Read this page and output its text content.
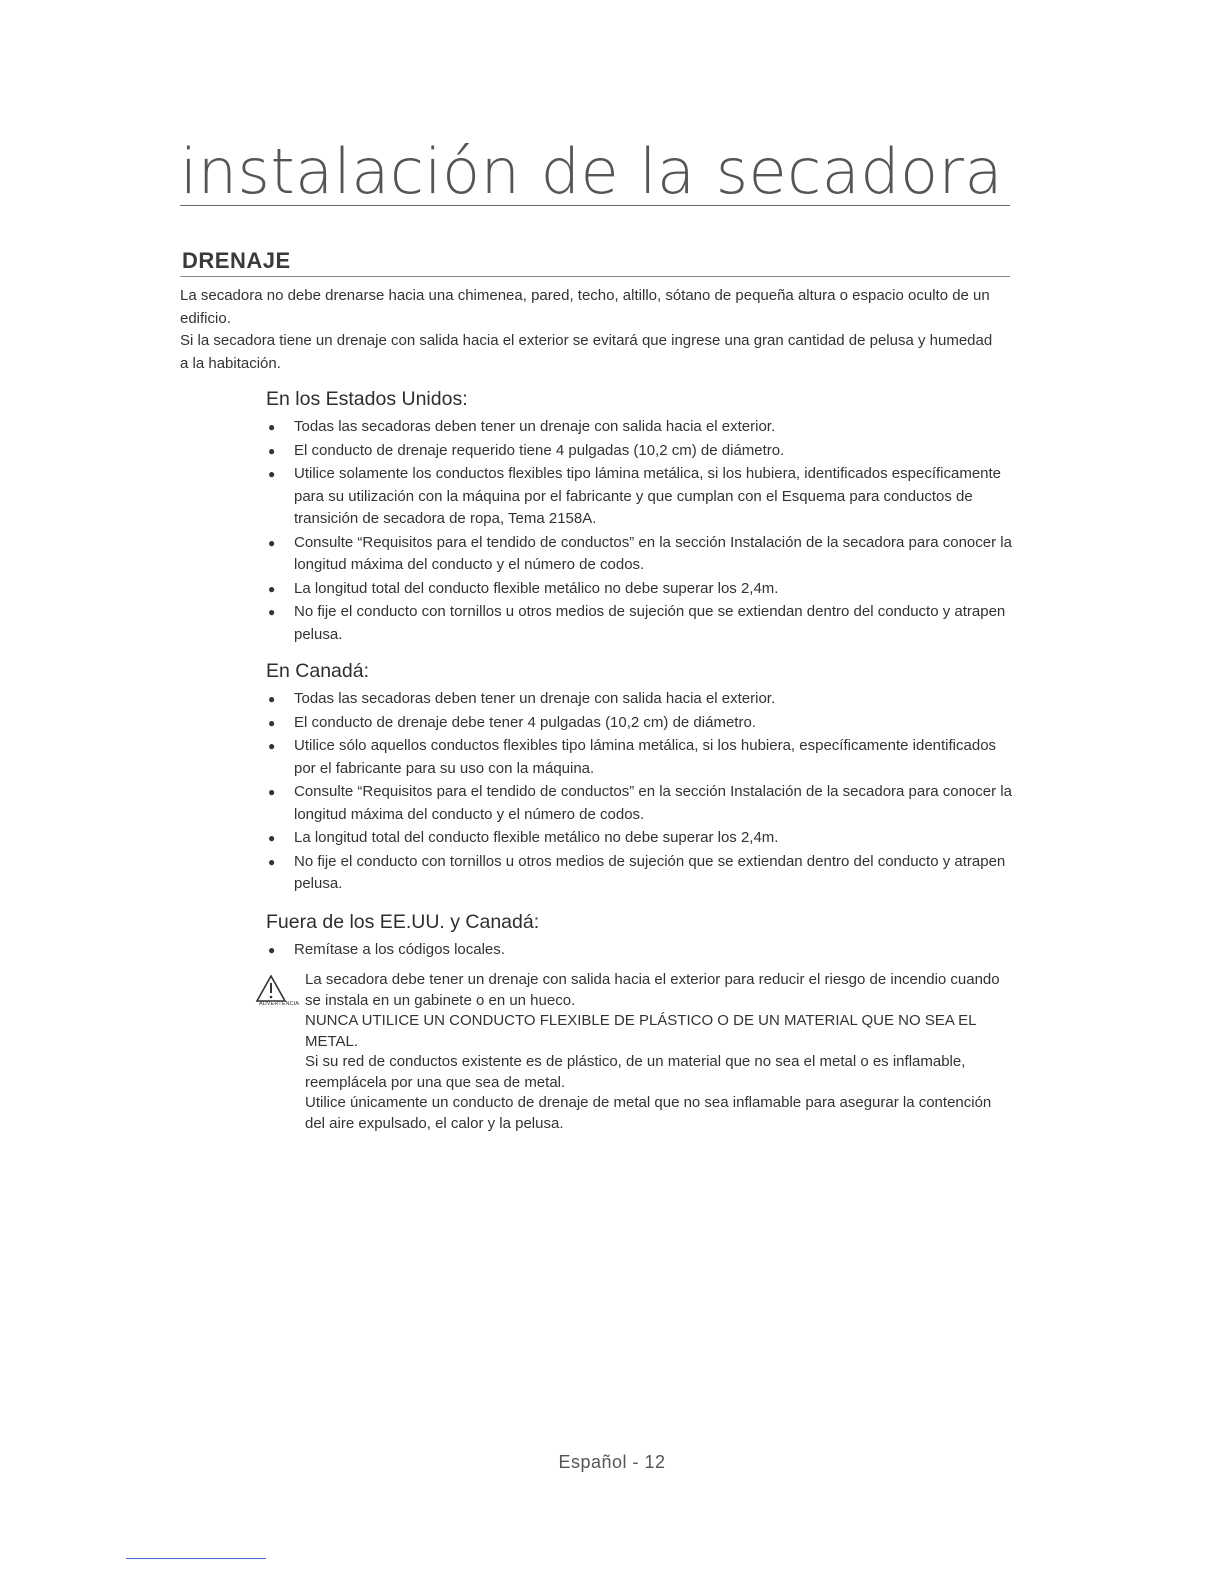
instalación de la secadora
DRENAJE

La secadora no debe drenarse hacia una chimenea, pared, techo, altillo, sótano de pequeña altura o espacio oculto de un edificio.

Si la secadora tiene un drenaje con salida hacia el exterior se evitará que ingrese una gran cantidad de pelusa y humedad a la habitación.

En los Estados Unidos:
● Todas las secadoras deben tener un drenaje con salida hacia el exterior.
● El conducto de drenaje requerido tiene 4 pulgadas (10,2 cm) de diámetro.
● Utilice solamente los conductos flexibles tipo lámina metálica, si los hubiera, identificados específicamente para su utilización con la máquina por el fabricante y que cumplan con el Esquema para conductos de transición de secadora de ropa, Tema 2158A.
● Consulte “Requisitos para el tendido de conductos” en la sección Instalación de la secadora para conocer la longitud máxima del conducto y el número de codos.
● La longitud total del conducto flexible metálico no debe superar los 2,4m.
● No fije el conducto con tornillos u otros medios de sujeción que se extiendan dentro del conducto y atrapen pelusa.
En Canadá:
● Todas las secadoras deben tener un drenaje con salida hacia el exterior.
● El conducto de drenaje debe tener 4 pulgadas (10,2 cm) de diámetro.
● Utilice sólo aquellos conductos flexibles tipo lámina metálica, si los hubiera, específicamente identificados por el fabricante para su uso con la máquina.
● Consulte “Requisitos para el tendido de conductos” en la sección Instalación de la secadora para conocer la longitud máxima del conducto y el número de codos.
● La longitud total del conducto flexible metálico no debe superar los 2,4m.
● No fije el conducto con tornillos u otros medios de sujeción que se extiendan dentro del conducto y atrapen pelusa.
Fuera de los EE.UU. y Canadá:
● Remítase a los códigos locales.
ADVERTENCIA

La secadora debe tener un drenaje con salida hacia el exterior para reducir el riesgo de incendio cuando se instala en un gabinete o en un hueco.

NUNCA UTILICE UN CONDUCTO FLEXIBLE DE PLÁSTICO O DE UN MATERIAL QUE NO SEA EL METAL.

Si su red de conductos existente es de plástico, de un material que no sea el metal o es inflamable, reemplácela por una que sea de metal.

Utilice únicamente un conducto de drenaje de metal que no sea inflamable para asegurar la contención del aire expulsado, el calor y la pelusa.

Español - 12
